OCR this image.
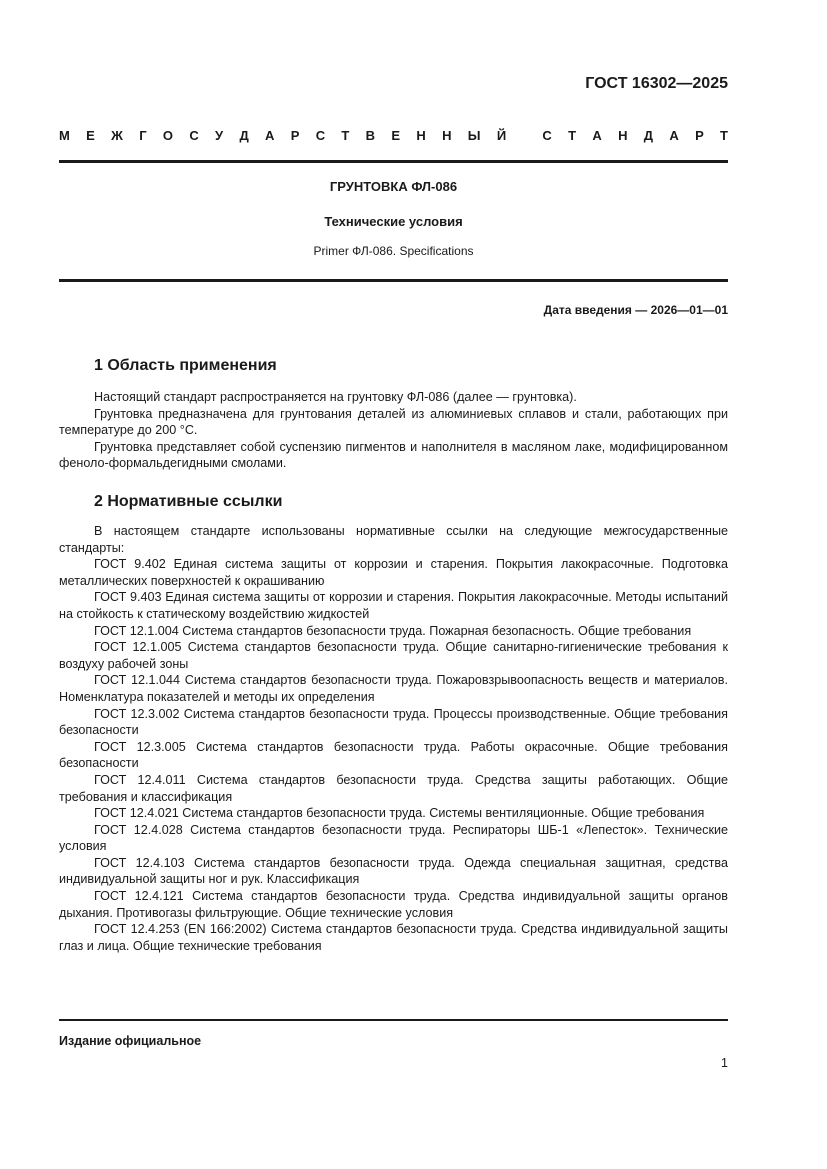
ГОСТ 16302—2025
М Е Ж Г О С У Д А Р С Т В Е Н Н Ы Й
	С Т А Н Д А Р Т
ГРУНТОВКА ФЛ-086
Технические условия
Primer ФЛ-086. Specifications
Дата введения — 2026—01—01
1 Область применения

Настоящий стандарт распространяется на грунтовку ФЛ-086 (далее — грунтовка).

Грунтовка предназначена для грунтования деталей из алюминиевых сплавов и стали, работающих при температуре до 200 °С.

Грунтовка представляет собой суспензию пигментов и наполнителя в масляном лаке, модифицированном феноло-формальдегидными смолами.

2 Нормативные ссылки

В настоящем стандарте использованы нормативные ссылки на следующие межгосударственные стандарты:

ГОСТ 9.402 Единая система защиты от коррозии и старения. Покрытия лакокрасочные. Подготовка металлических поверхностей к окрашиванию

ГОСТ 9.403 Единая система защиты от коррозии и старения. Покрытия лакокрасочные. Методы испытаний на стойкость к статическому воздействию жидкостей

ГОСТ 12.1.004 Система стандартов безопасности труда. Пожарная безопасность. Общие требования

ГОСТ 12.1.005 Система стандартов безопасности труда. Общие санитарно-гигиенические требования к воздуху рабочей зоны

ГОСТ 12.1.044 Система стандартов безопасности труда. Пожаровзрывоопасность веществ и материалов. Номенклатура показателей и методы их определения

ГОСТ 12.3.002 Система стандартов безопасности труда. Процессы производственные. Общие требования безопасности

ГОСТ 12.3.005 Система стандартов безопасности труда. Работы окрасочные. Общие требования безопасности

ГОСТ 12.4.011 Система стандартов безопасности труда. Средства защиты работающих. Общие требования и классификация

ГОСТ 12.4.021 Система стандартов безопасности труда. Системы вентиляционные. Общие требования

ГОСТ 12.4.028 Система стандартов безопасности труда. Респираторы ШБ-1 «Лепесток». Технические условия

ГОСТ 12.4.103 Система стандартов безопасности труда. Одежда специальная защитная, средства индивидуальной защиты ног и рук. Классификация

ГОСТ 12.4.121 Система стандартов безопасности труда. Средства индивидуальной защиты органов дыхания. Противогазы фильтрующие. Общие технические условия

ГОСТ 12.4.253 (EN 166:2002) Система стандартов безопасности труда. Средства индивидуальной защиты глаз и лица. Общие технические требования

Издание официальное
1
